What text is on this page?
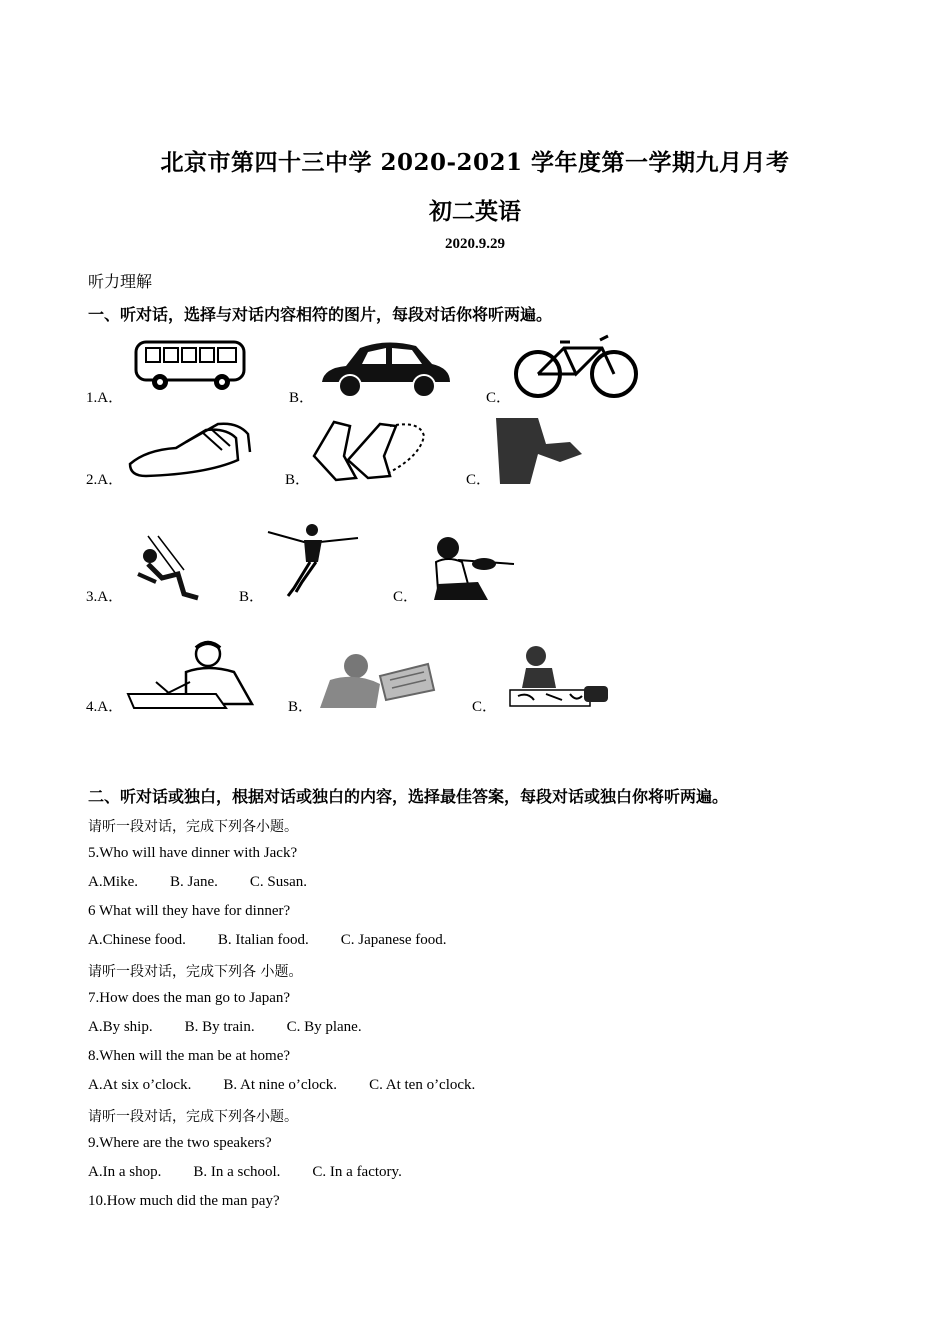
北京市第四十三中学 2020-2021 学年度第一学期九月月考
初二英语
2020.9.29
听力理解
一、听对话，选择与对话内容相符的图片，每段对话你将听两遍。
1.A．	B．	C．
2.A．	B．	C．
3.A．	B．	C．
4.A．	B．	C．
二、听对话或独白，根据对话或独白的内容，选择最佳答案，每段对话或独白你将听两遍。
请听一段对话，完成下列各小题。
5.Who will have dinner with Jack?
A.Mike. B. Jane. C. Susan.
6 What will they have for dinner?
A.Chinese food. B. Italian food. C. Japanese food.
请听一段对话，完成下列各 小题。
7.How does the man go to Japan?
A.By ship. B. By train. C. By plane.
8.When will the man be at home?
A.At six o’clock. B. At nine o’clock. C. At ten o’clock.
请听一段对话，完成下列各小题。
9.Where are the two speakers?
A.In a shop. B. In a school. C. In a factory.
10.How much did the man pay?
